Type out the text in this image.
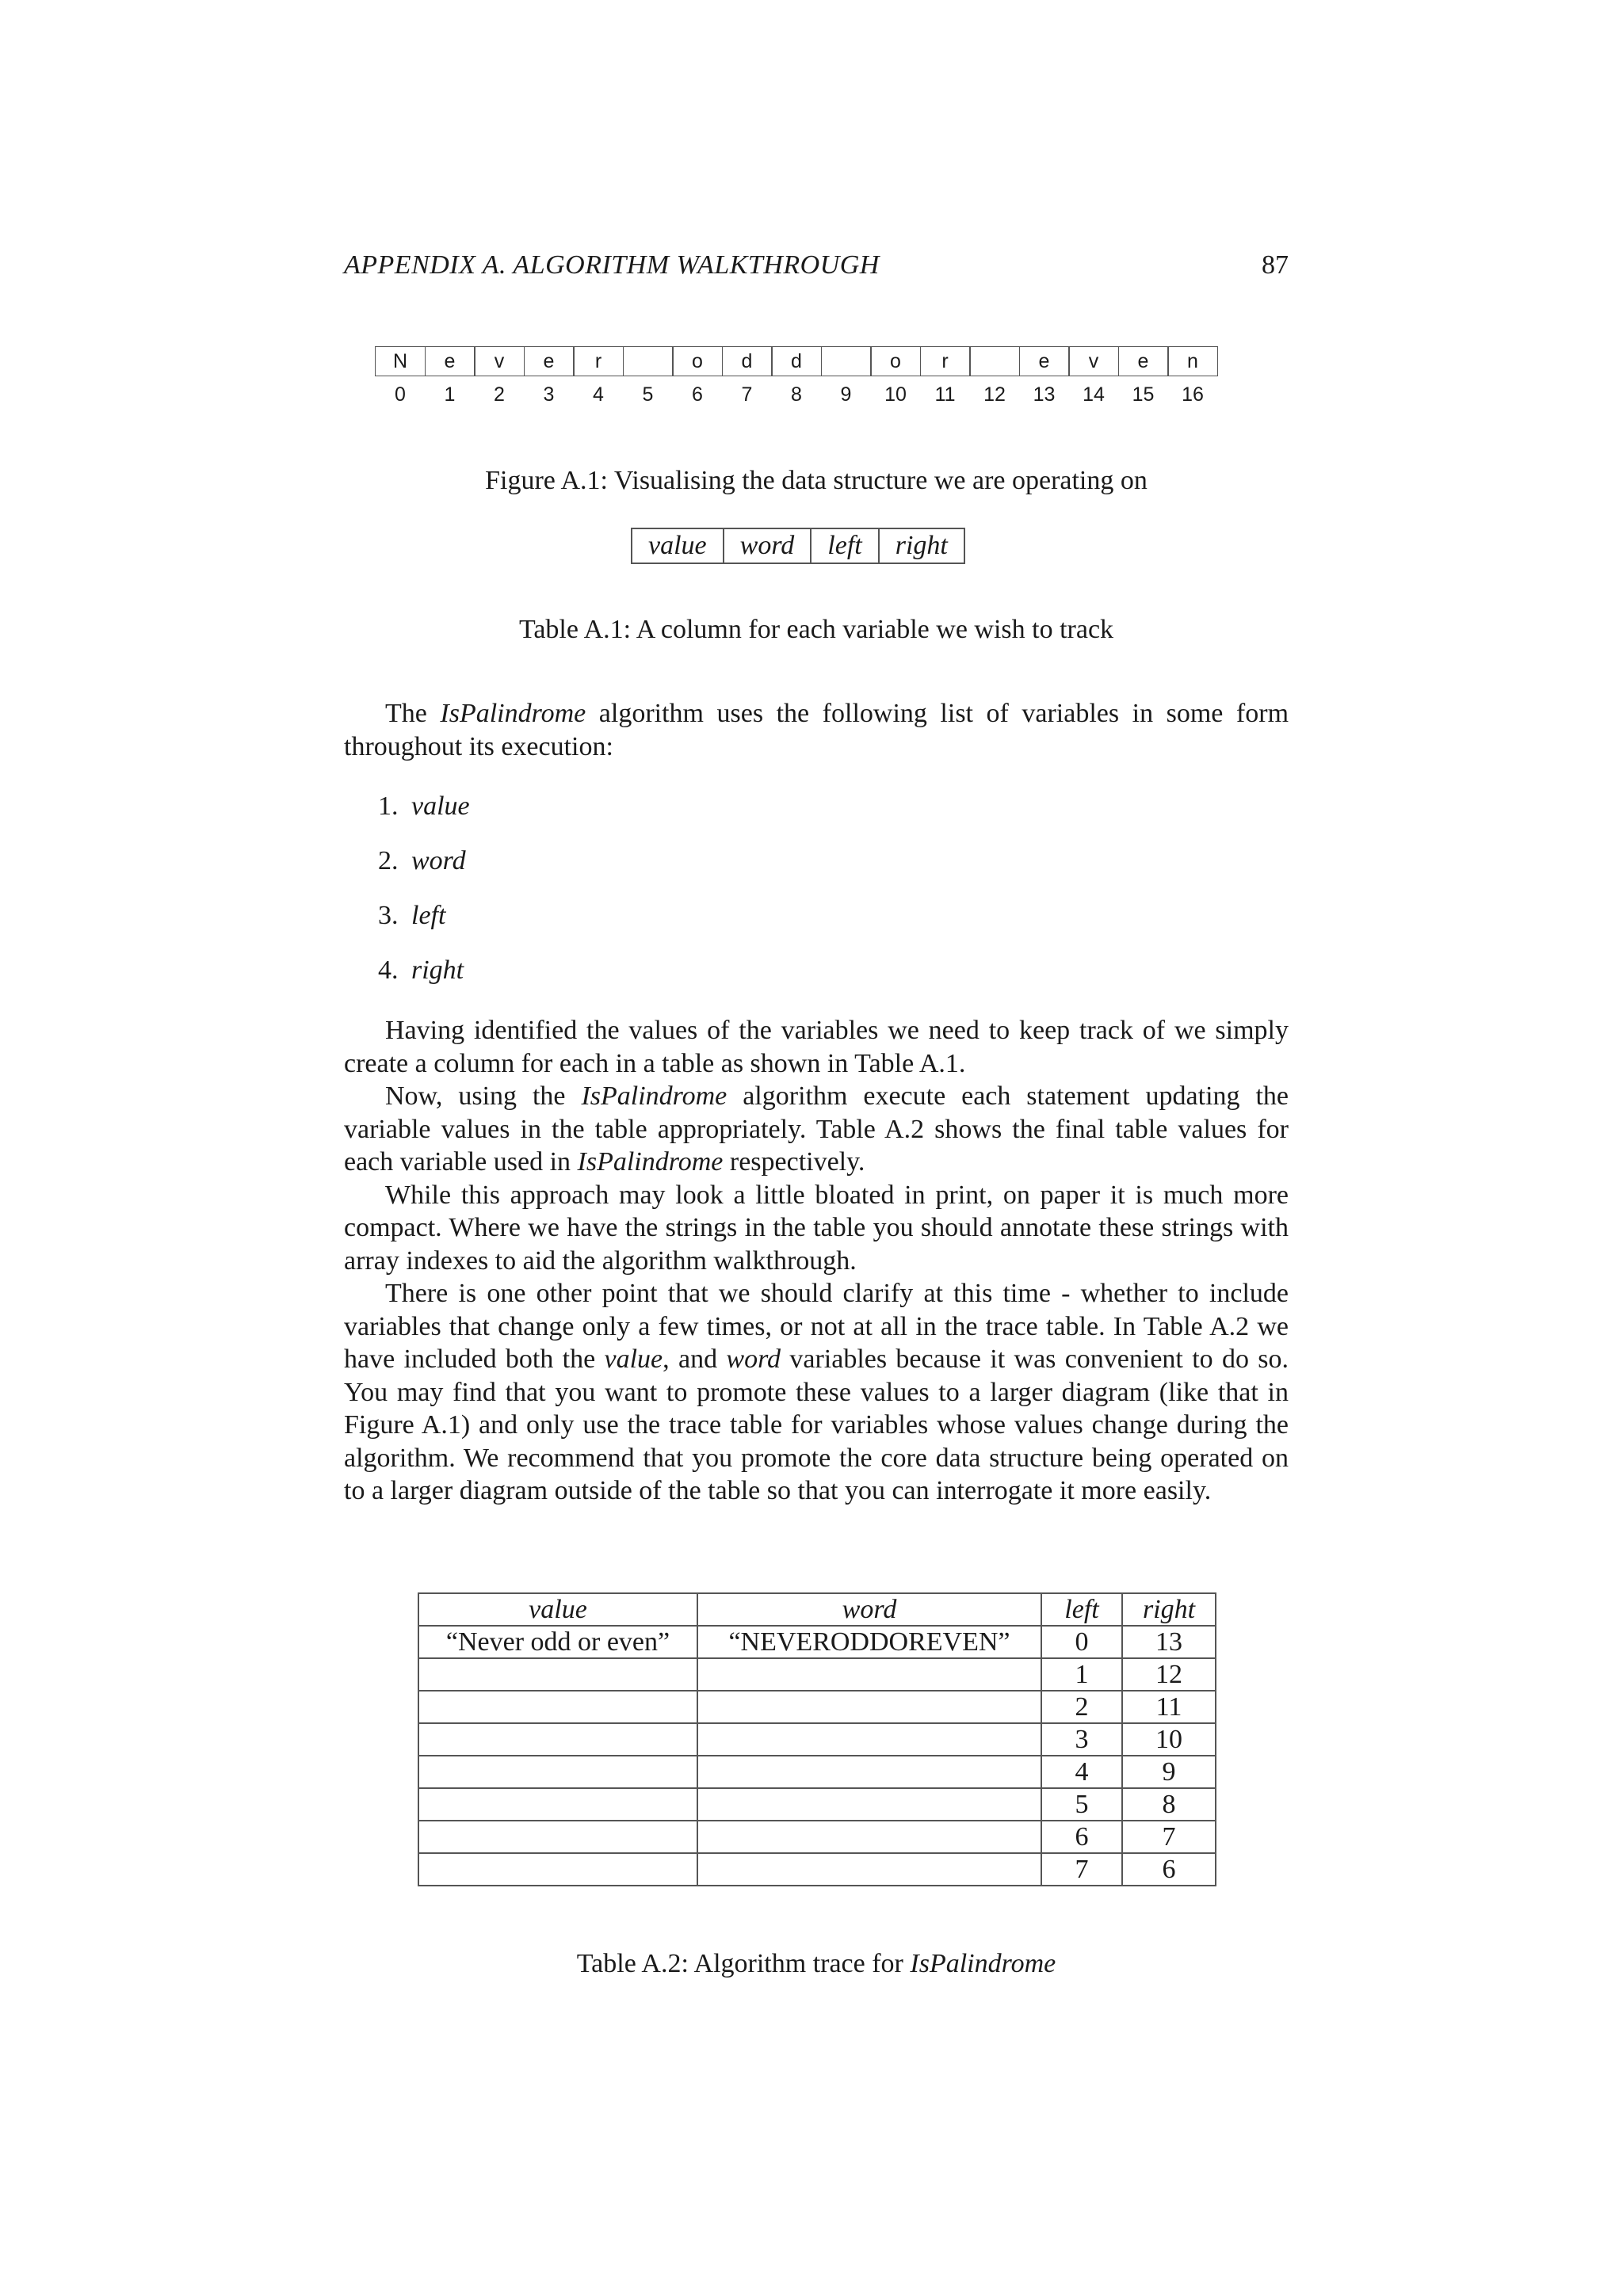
APPENDIX A. ALGORITHM WALKTHROUGH	87
N	e	v	e	r	o	d	d	o	r	e	v	e	n
0	1	2	3	4	5	6	7	8	9	10	11	12	13	14	15	16
Figure A.1: Visualising the data structure we are operating on
value	word	left	right
Table A.1: A column for each variable we wish to track

The IsPalindrome algorithm uses the following list of variables in some form throughout its execution:

1. value
2. word
3. left
4. right

Having identified the values of the variables we need to keep track of we simply create a column for each in a table as shown in Table A.1.

Now, using the IsPalindrome algorithm execute each statement updating the variable values in the table appropriately. Table A.2 shows the final table values for each variable used in IsPalindrome respectively.

While this approach may look a little bloated in print, on paper it is much more compact. Where we have the strings in the table you should annotate these strings with array indexes to aid the algorithm walkthrough.

There is one other point that we should clarify at this time - whether to include variables that change only a few times, or not at all in the trace table. In Table A.2 we have included both the value, and word variables because it was convenient to do so. You may find that you want to promote these values to a larger diagram (like that in Figure A.1) and only use the trace table for variables whose values change during the algorithm. We recommend that you promote the core data structure being operated on to a larger diagram outside of the table so that you can interrogate it more easily.

value	word	left	right
“Never odd or even”	“NEVERODDOREVEN”	0	13
		1	12
		2	11
		3	10
		4	9
		5	8
		6	7
		7	6
Table A.2: Algorithm trace for IsPalindrome
